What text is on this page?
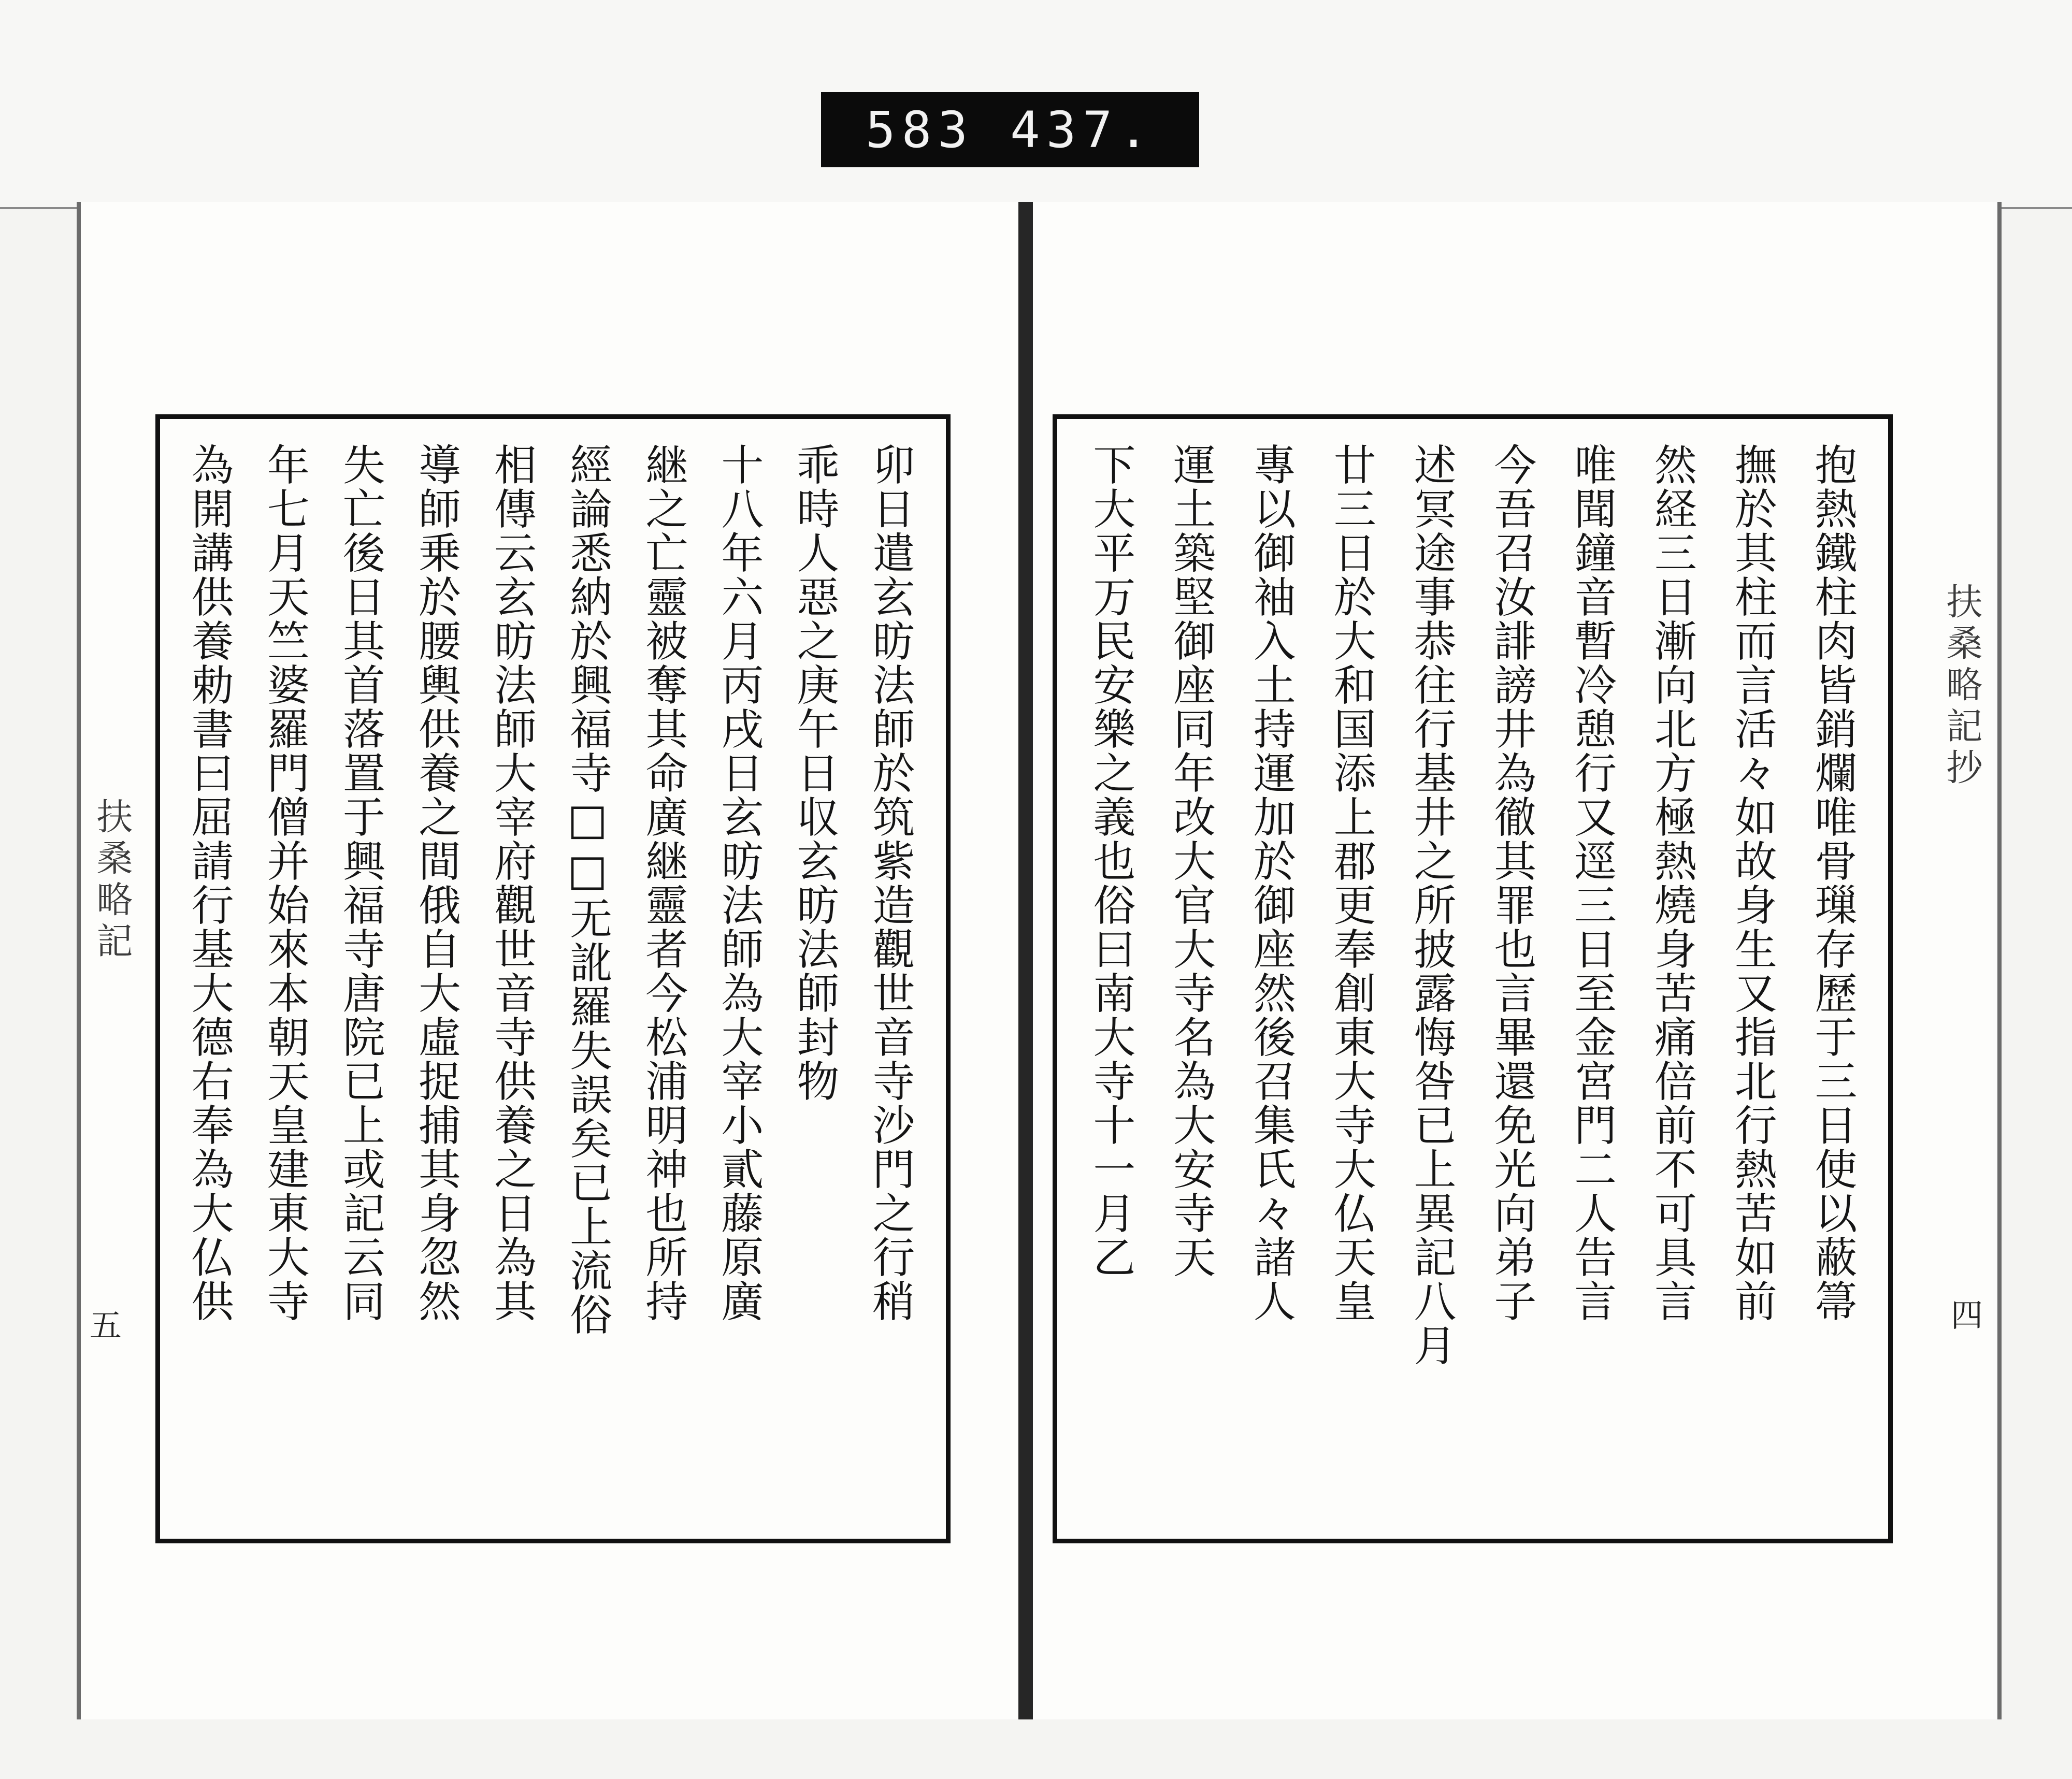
583 437.
扶桑略記
五
卯日遣玄昉法師於筑紫造觀世音寺沙門之行稍
乖時人惡之庚午日収玄昉法師封物
十八年六月丙戌日玄昉法師為大宰小貳藤原廣
継之亡靈被奪其命廣継靈者今松浦明神也所持
經論悉納於興福寺□□无訛羅失誤矣已上流俗
相傳云玄昉法師大宰府觀世音寺供養之日為其
導師乗於腰輿供養之間俄自大虛捉捕其身忽然
失亡後日其首落置于興福寺唐院已上或記云同
年七月天竺婆羅門僧并始來本朝天皇建東大寺
為開講供養勅書曰屈請行基大德右奉為大仏供	扶桑略記抄
四
抱熱鐵柱肉皆銷爛唯骨璅存歷于三日使以蔽箒
撫於其柱而言活々如故身生又指北行熱苦如前
然経三日漸向北方極熱燒身苦痛倍前不可具言
唯聞鐘音暫冷憩行又逕三日至金宮門二人告言
今吾召汝誹謗井為徹其罪也言畢還免光向弟子
述冥途事恭往行基井之所披露悔咎已上異記八月
廿三日於大和国添上郡更奉創東大寺大仏天皇
專以御袖入土持運加於御座然後召集氏々諸人
運土築堅御座同年改大官大寺名為大安寺天
下大平万民安樂之義也俗曰南大寺十一月乙
